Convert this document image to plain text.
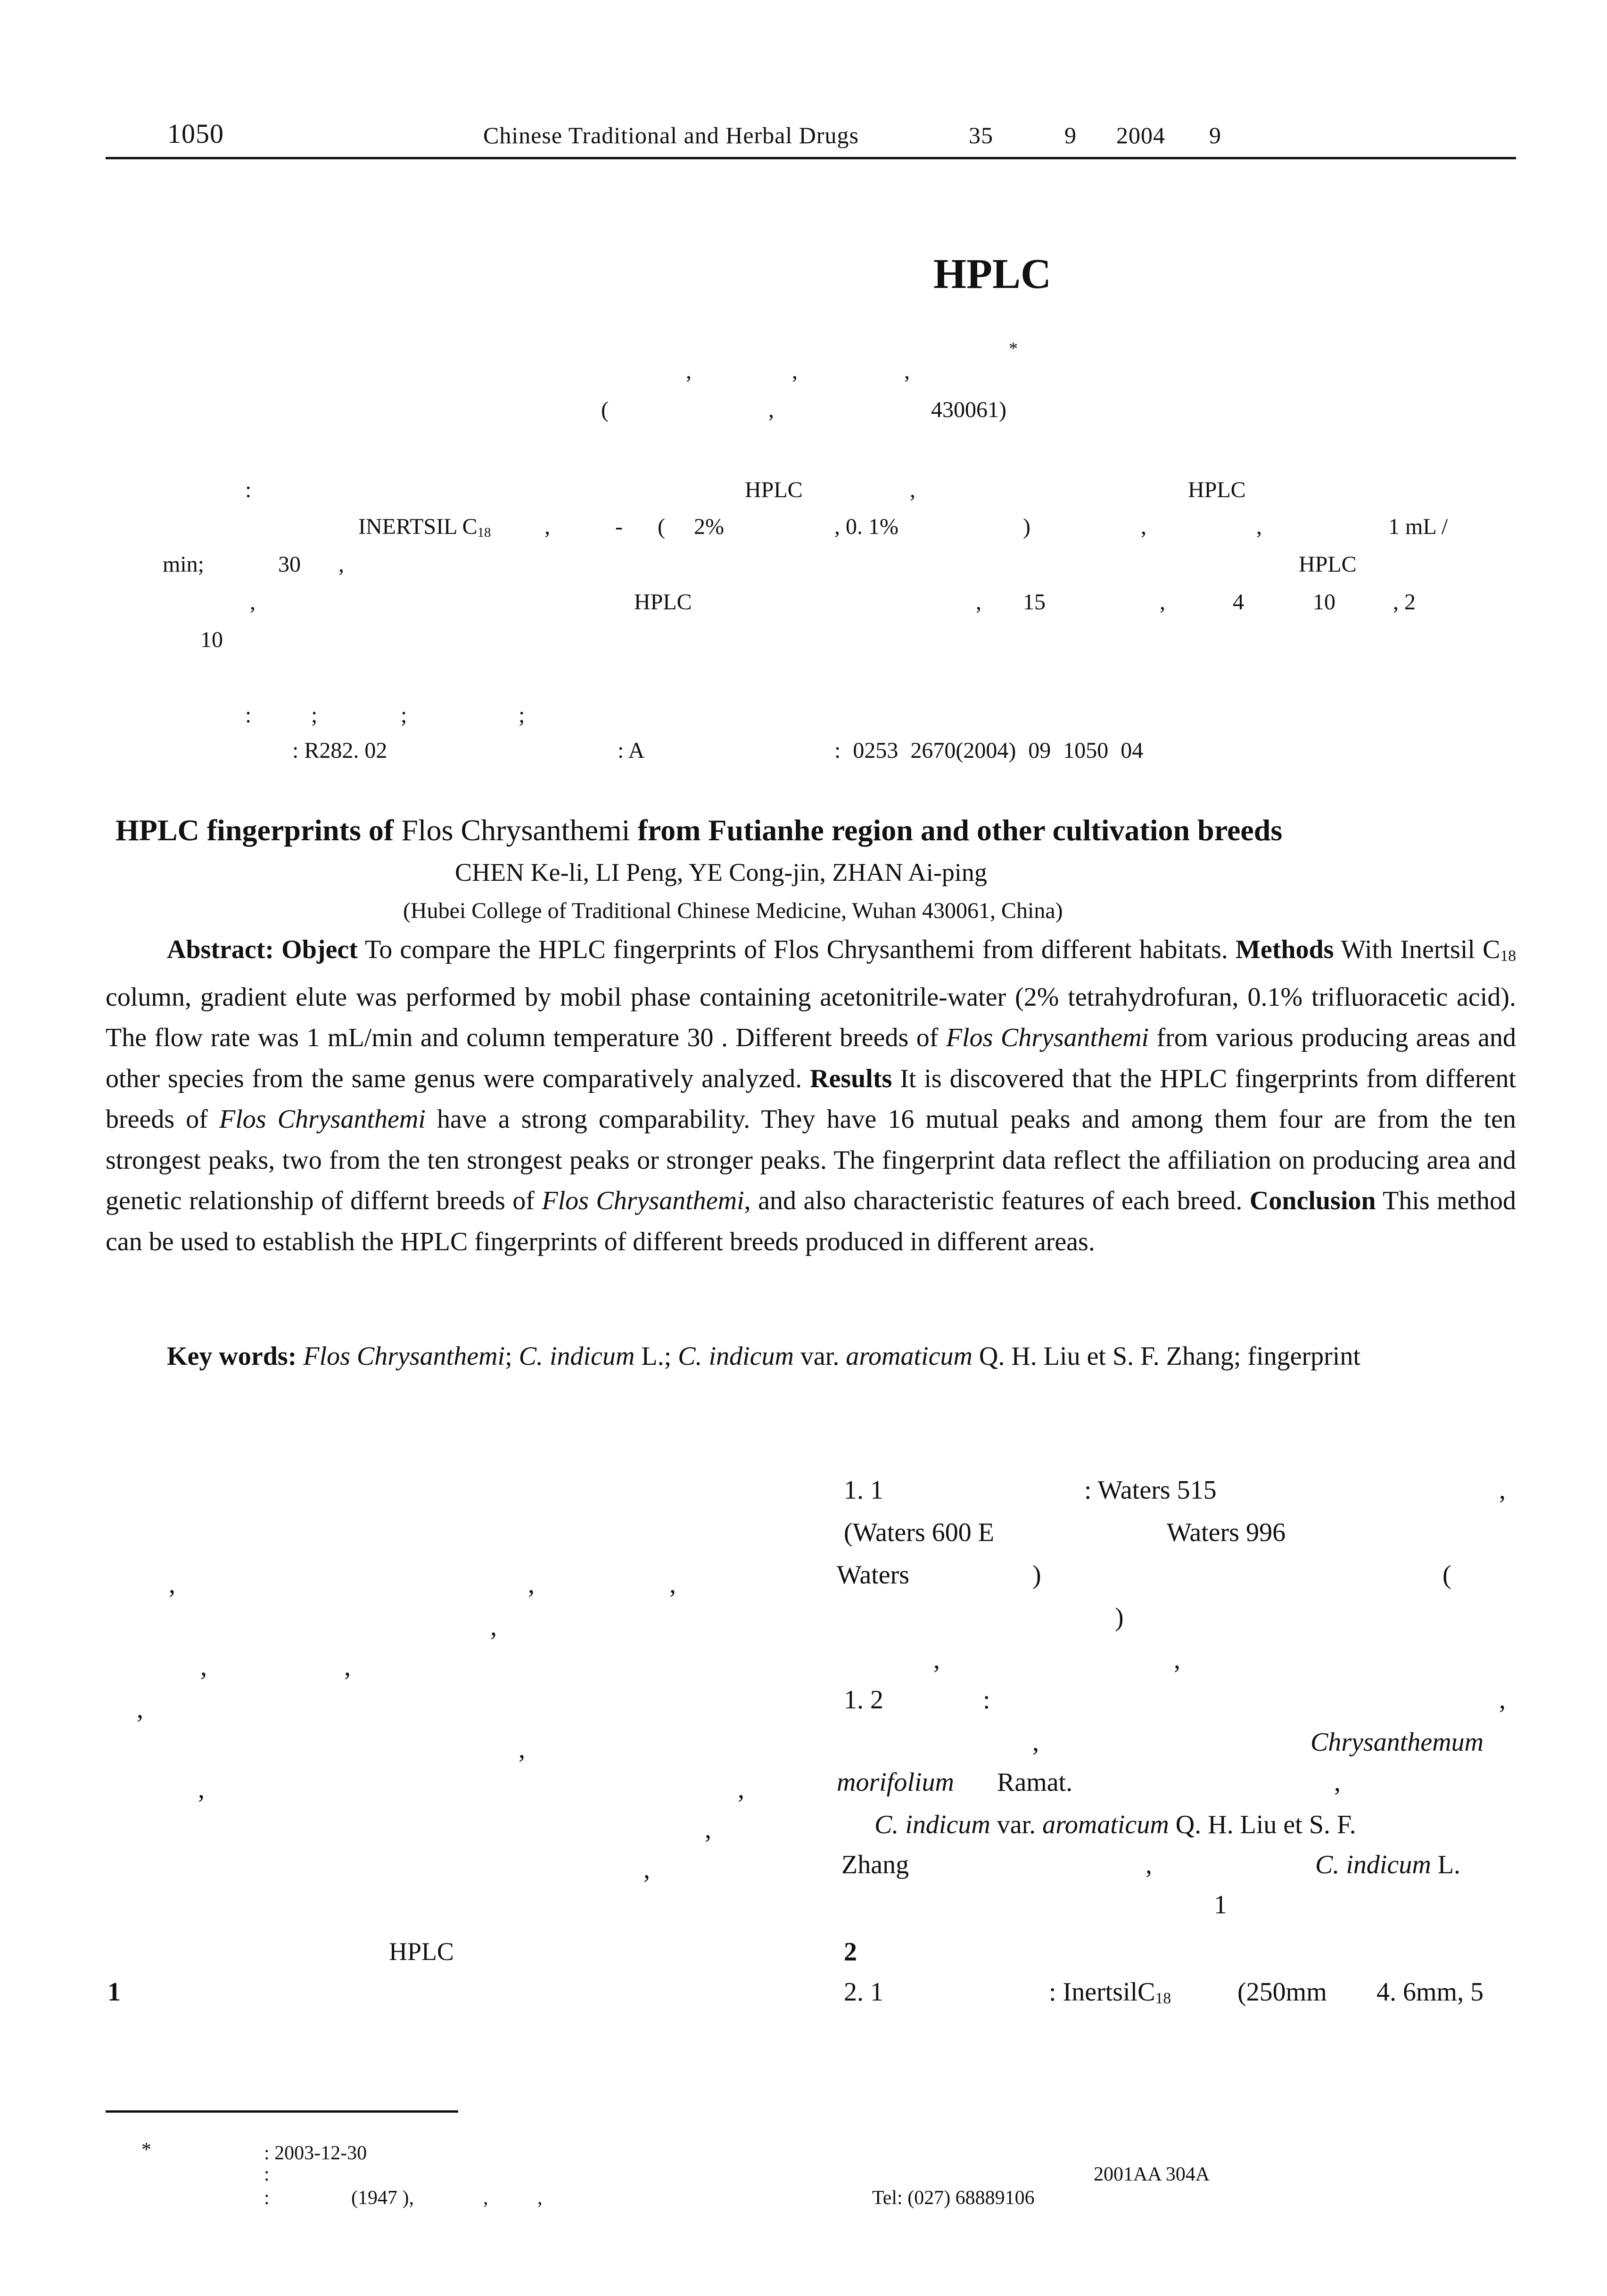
1050	Chinese Traditional and Herbal Drugs	35	9 2004 9
HPLC
*
,	,	,
(	,	430061)
:	HPLC	,	HPLC
INERTSIL $C_{18}$ ,	- ( 2%	, 0. 1%	)	,	,	1 mL /
min;	30 ,	HPLC
,	HPLC	, 15	,	4	10	, 2
10
:	;	;	;
: R282. 02	: A	: 0253 2670(2004) 09 1050 04
HPLC fingerprints of Flos Chrysanthemi from Futianhe region and other cultivation breeds
CHEN Ke-li, LI Peng, YE Cong-jin, ZHAN Ai-ping
(Hubei College of Traditional Chinese Medicine, Wuhan 430061, China)
Abstract: Object To compare the HPLC fingerprints of Flos Chrysanthemi from different habitats. Methods With Inertsil $C_{18}$ column, gradient elute was performed by mobil phase containing acetonitrile-water (2% tetrahydrofuran, 0.1% trifluoracetic acid). The flow rate was 1 mL/min and column temperature 30 . Different breeds of Flos Chrysanthemi from various producing areas and other species from the same genus were comparatively analyzed. Results It is discovered that the HPLC fingerprints from different breeds of Flos Chrysanthemi have a strong comparability. They have 16 mutual peaks and among them four are from the ten strongest peaks, two from the ten strongest peaks or stronger peaks. The fingerprint data reflect the affiliation on producing area and genetic relationship of differnt breeds of Flos Chrysanthemi, and also characteristic features of each breed. Conclusion This method can be used to establish the HPLC fingerprints of different breeds produced in different areas.
Key words: Flos Chrysanthemi; C. indicum L.; C. indicum var. aromaticum Q. H. Liu et S. F. Zhang; fingerprint
,	,	,
,
,	,
,
,
,	,
,
,
HPLC
1
1. 1	: Waters 515	,
(Waters 600 E	Waters 996
Waters	)	(
)
,	,
1. 2	:	,
,	Chrysanthemum
morifolium Ramat.	,
C. indicum var. aromaticum Q. H. Liu et S. F.
Zhang	,	C. indicum L.
1
2
2. 1	: InertsilC$_{18}$	(250mm 4. 6mm, 5
*	: 2003-12-30
:	2001AA 304A
:	(1947 ),	, ,	Tel: (027) 68889106
